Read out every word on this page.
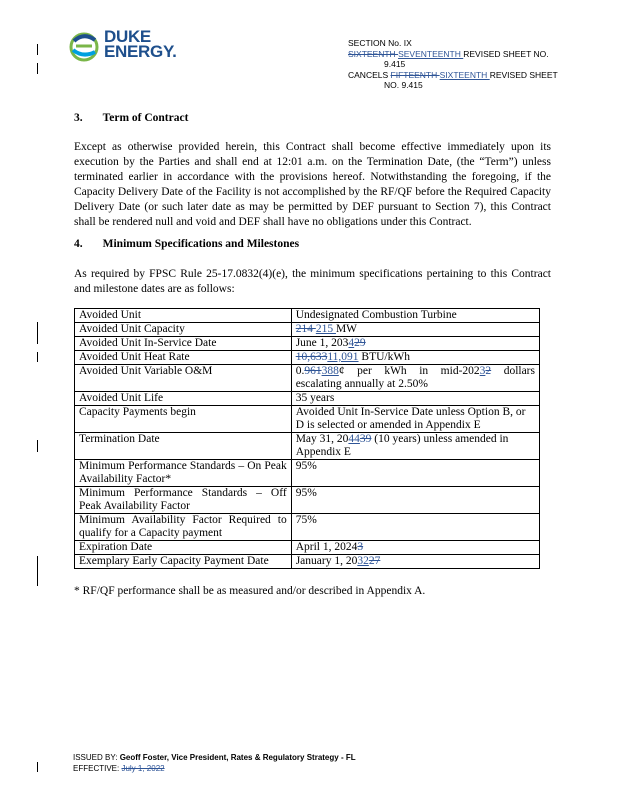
DUKE
ENERGY.	SECTION No. IX
SIXTEENTH SEVENTEENTH REVISED SHEET NO.
9.415
CANCELS FIFTEENTH SIXTEENTH REVISED SHEET
NO. 9.415
3. Term of Contract

Except as otherwise provided herein, this Contract shall become effective immediately upon its execution by the Parties and shall end at 12:01 a.m. on the Termination Date, (the “Term”) unless terminated earlier in accordance with the provisions hereof. Notwithstanding the foregoing, if the Capacity Delivery Date of the Facility is not accomplished by the RF/QF before the Required Capacity Delivery Date (or such later date as may be permitted by DEF pursuant to Section 7), this Contract shall be rendered null and void and DEF shall have no obligations under this Contract.

4. Minimum Specifications and Milestones

As required by FPSC Rule 25-17.0832(4)(e), the minimum specifications pertaining to this Contract and milestone dates are as follows:

Avoided Unit	Undesignated Combustion Turbine
Avoided Unit Capacity	214 215 MW
Avoided Unit In-Service Date	June 1, 203429
Avoided Unit Heat Rate	10,63311,091 BTU/kWh
Avoided Unit Variable O&M	0.961388¢ per kWh in mid-20232 dollars escalating annually at 2.50%
Avoided Unit Life	35 years
Capacity Payments begin	Avoided Unit In-Service Date unless Option B, or D is selected or amended in Appendix E
Termination Date	May 31, 204439 (10 years) unless amended in Appendix E
Minimum Performance Standards – On Peak Availability Factor*	95%
Minimum Performance Standards – Off Peak Availability Factor	95%
Minimum Availability Factor Required to qualify for a Capacity payment	75%
Expiration Date	April 1, 20243
Exemplary Early Capacity Payment Date	January 1, 203227
* RF/QF performance shall be as measured and/or described in Appendix A.
ISSUED BY: Geoff Foster, Vice President, Rates & Regulatory Strategy - FL
EFFECTIVE: July 1, 2022
